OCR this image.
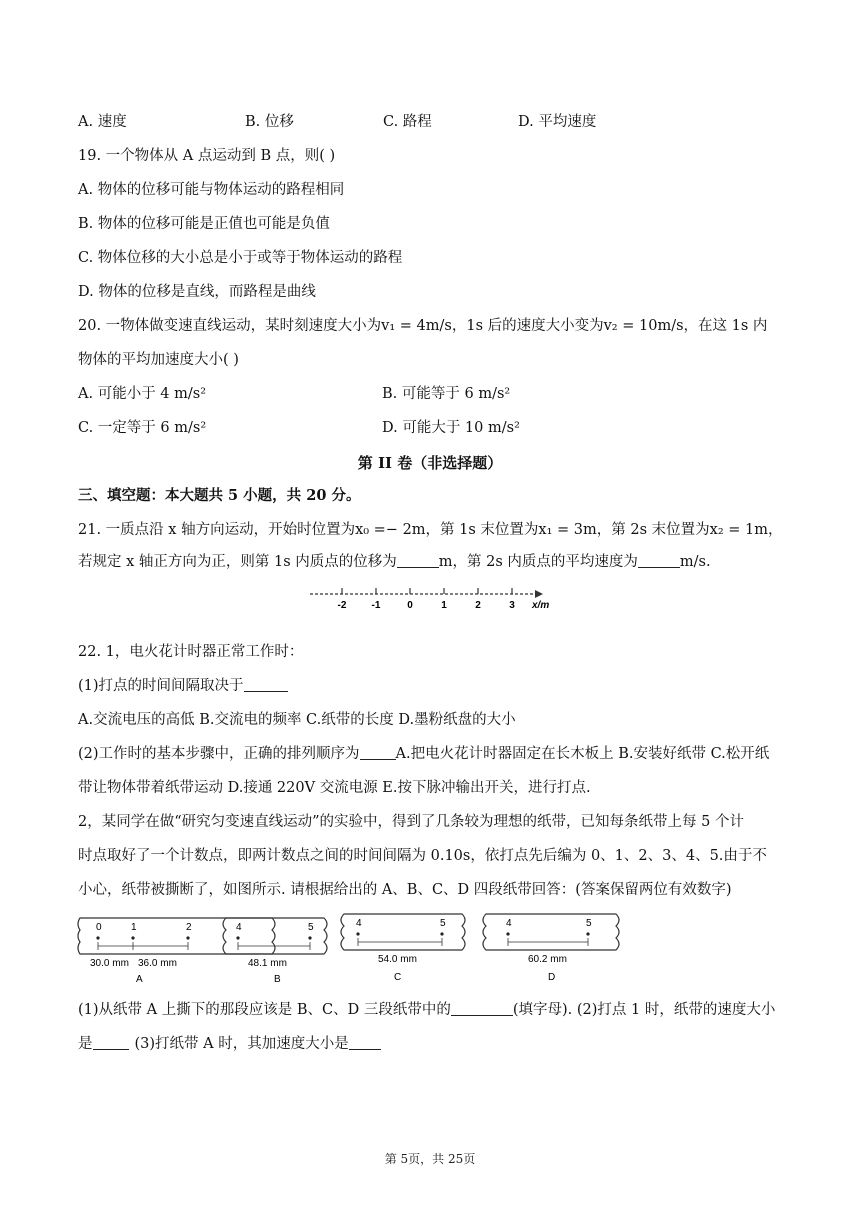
A. 速度	B. 位移	C. 路程	D. 平均速度
19. 一个物体从 A 点运动到 B 点，则( )
A. 物体的位移可能与物体运动的路程相同
B. 物体的位移可能是正值也可能是负值
C. 物体位移的大小总是小于或等于物体运动的路程
D. 物体的位移是直线，而路程是曲线
20. 一物体做变速直线运动，某时刻速度大小为v₁ = 4m/s，1s 后的速度大小变为v₂ = 10m/s，在这 1s 内
物体的平均加速度大小( )
A. 可能小于 4 m/s²	B. 可能等于 6 m/s²
C. 一定等于 6 m/s²	D. 可能大于 10 m/s²
第 II 卷（非选择题）
三、填空题：本大题共 5 小题，共 20 分。
21. 一质点沿 x 轴方向运动，开始时位置为x₀ =− 2m，第 1s 末位置为x₁ = 3m，第 2s 末位置为x₂ = 1m，
若规定 x 轴正方向为正，则第 1s 内质点的位移为	m，第 2s 内质点的平均速度为	m/s.
-2	-1	0	1	2	3 x/m
22. 1，电火花计时器正常工作时：
(1)打点的时间间隔取决于
A.交流电压的高低 B.交流电的频率 C.纸带的长度 D.墨粉纸盘的大小
(2)工作时的基本步骤中，正确的排列顺序为 A.把电火花计时器固定在长木板上 B.安装好纸带 C.松开纸
带让物体带着纸带运动 D.接通 220V 交流电源 E.按下脉冲输出开关，进行打点.
2，某同学在做“研究匀变速直线运动”的实验中，得到了几条较为理想的纸带，已知每条纸带上每 5 个计
时点取好了一个计数点，即两计数点之间的时间间隔为 0.10s，依打点先后编为 0、1、2、3、4、5.由于不
小心，纸带被撕断了，如图所示. 请根据给出的 A、B、C、D 四段纸带回答：(答案保留两位有效数字)
0	1	2
30.0 mm 36.0 mm
A
4	5
48.1 mm
B
4	5
54.0 mm
C
4	5
60.2 mm
D
(1)从纸带 A 上撕下的那段应该是 B、C、D 三段纸带中的	(填字母). (2)打点 1 时，纸带的速度大小
是	(3)打纸带 A 时，其加速度大小是
第 5页，共 25页
